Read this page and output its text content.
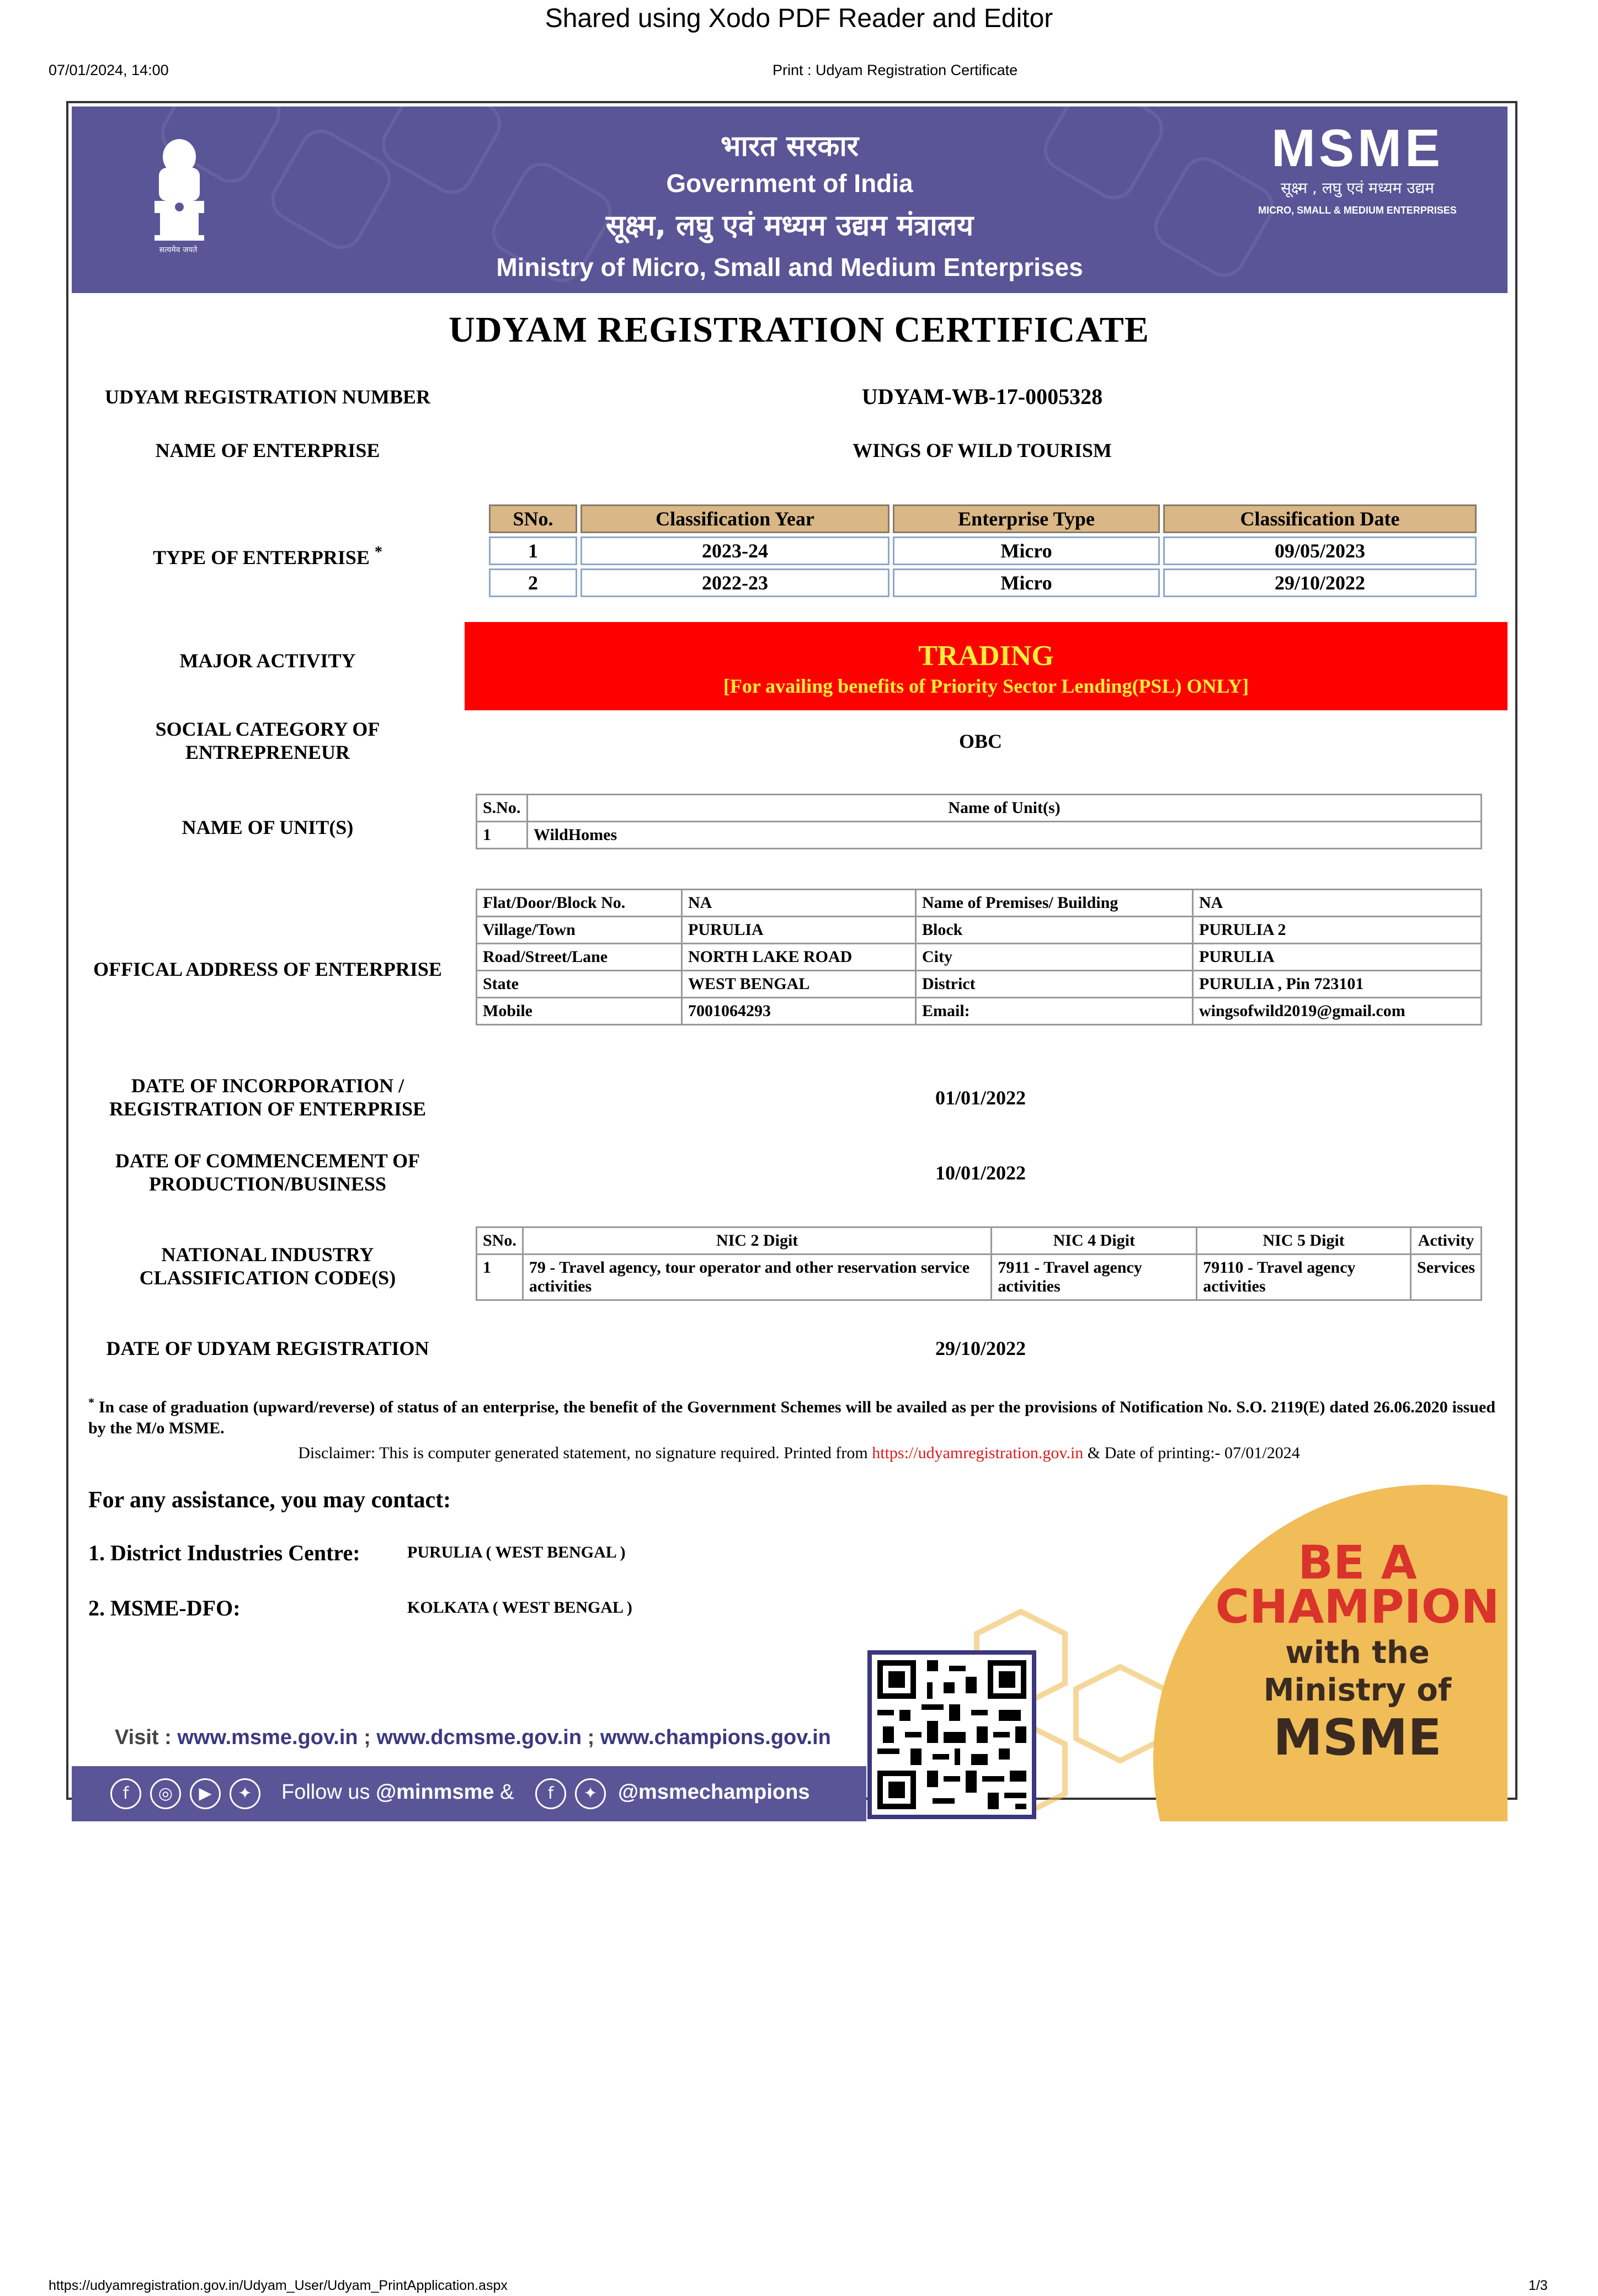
Shared using Xodo PDF Reader and Editor
07/01/2024, 14:00	Print : Udyam Registration Certificate
सत्यमेव जयते
भारत सरकार
Government of India
सूक्ष्म, लघु एवं मध्यम उद्यम मंत्रालय
Ministry of Micro, Small and Medium Enterprises
MSME
सूक्ष्म , लघु एवं मध्यम उद्यम
MICRO, SMALL & MEDIUM ENTERPRISES
UDYAM REGISTRATION CERTIFICATE
UDYAM REGISTRATION NUMBER	UDYAM-WB-17-0005328
NAME OF ENTERPRISE	WINGS OF WILD TOURISM
TYPE OF ENTERPRISE *
SNo.	Classification Year	Enterprise Type	Classification Date
1	2023-24	Micro	09/05/2023
2	2022-23	Micro	29/10/2022
MAJOR ACTIVITY	TRADING
[For availing benefits of Priority Sector Lending(PSL) ONLY]
SOCIAL CATEGORY OF
ENTREPRENEUR	OBC
NAME OF UNIT(S)
S.No.	Name of Unit(s)
1	WildHomes
OFFICAL ADDRESS OF ENTERPRISE
Flat/Door/Block No.	NA	Name of Premises/ Building	NA
Village/Town	PURULIA	Block	PURULIA 2
Road/Street/Lane	NORTH LAKE ROAD	City	PURULIA
State	WEST BENGAL	District	PURULIA , Pin 723101
Mobile	7001064293	Email:	wingsofwild2019@gmail.com
DATE OF INCORPORATION /
REGISTRATION OF ENTERPRISE	01/01/2022
DATE OF COMMENCEMENT OF
PRODUCTION/BUSINESS	10/01/2022
NATIONAL INDUSTRY
CLASSIFICATION CODE(S)
SNo.	NIC 2 Digit	NIC 4 Digit	NIC 5 Digit	Activity
1	79 - Travel agency, tour operator and other reservation service activities	7911 - Travel agency activities	79110 - Travel agency activities	Services
DATE OF UDYAM REGISTRATION	29/10/2022
* In case of graduation (upward/reverse) of status of an enterprise, the benefit of the Government Schemes will be availed as per the provisions of Notification No. S.O. 2119(E) dated 26.06.2020 issued by the M/o MSME.
Disclaimer: This is computer generated statement, no signature required. Printed from https://udyamregistration.gov.in & Date of printing:- 07/01/2024
BE A
CHAMPION
with the
Ministry of
MSME
For any assistance, you may contact:
1. District Industries Centre:	PURULIA ( WEST BENGAL )
2. MSME-DFO:	KOLKATA ( WEST BENGAL )
Visit : www.msme.gov.in ; www.dcmsme.gov.in ; www.champions.gov.in
f	◎	▶	✦	Follow us @minmsme &	f	✦ @msmechampions
https://udyamregistration.gov.in/Udyam_User/Udyam_PrintApplication.aspx	1/3
